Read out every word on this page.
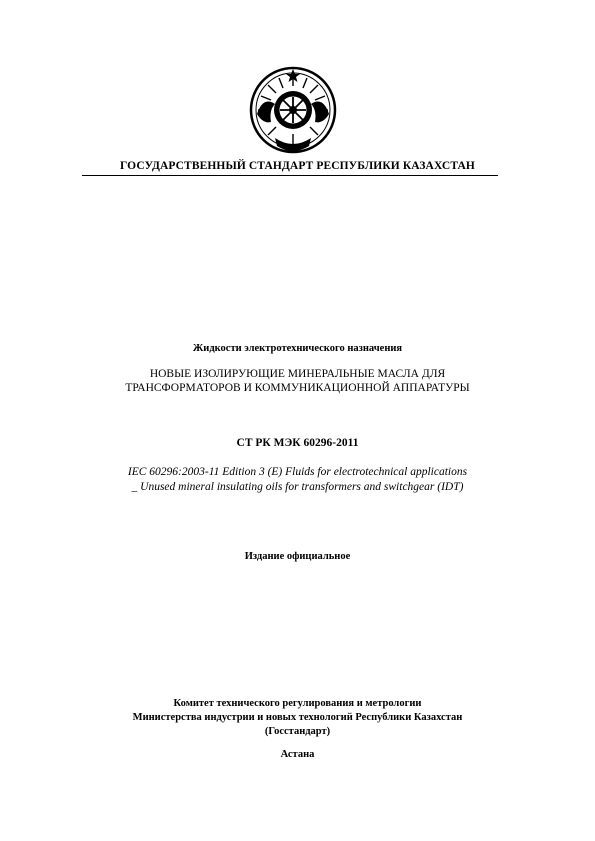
ГОСУДАРСТВЕННЫЙ СТАНДАРТ РЕСПУБЛИКИ КАЗАХСТАН
Жидкости электротехнического назначения
НОВЫЕ ИЗОЛИРУЮЩИЕ МИНЕРАЛЬНЫЕ МАСЛА ДЛЯ
ТРАНСФОРМАТОРОВ И КОММУНИКАЦИОННОЙ АППАРАТУРЫ
СТ РК МЭК 60296-2011
IEC 60296:2003-11 Edition 3 (E) Fluids for electrotechnical applications
_ Unused mineral insulating oils for transformers and switchgear (IDT)
Издание официальное
Комитет технического регулирования и метрологии
Министерства индустрии и новых технологий Республики Казахстан
(Госстандарт)
Астана
